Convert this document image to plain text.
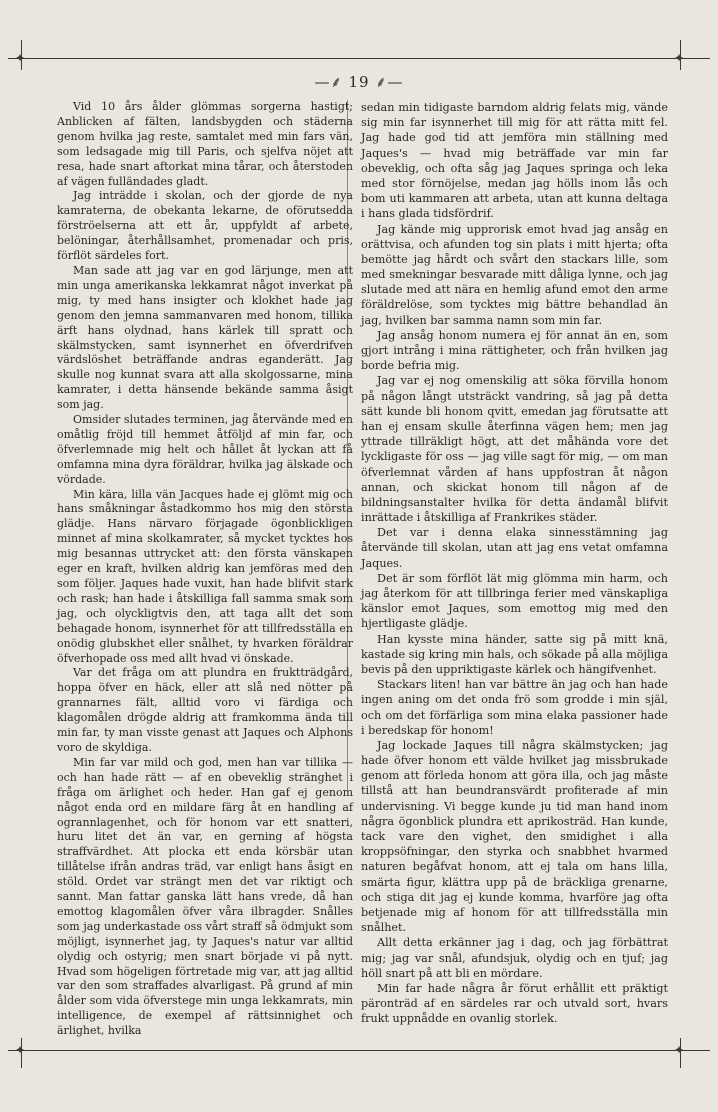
✦	✦
✦	✦
—⸙ 19 ⸙—

Vid 10 års ålder glömmas sorgerna hastigt; Anblicken af fälten, landsbygden och städerna genom hvilka jag reste, samtalet med min fars vän, som ledsagade mig till Paris, och sjelfva nöjet att resa, hade snart aftorkat mina tårar, och återstoden af vägen fulländades gladt.

Jag inträdde i skolan, och der gjorde de nya kamraterna, de obekanta lekarne, de oförutsedda förströelserna att ett år, uppfyldt af arbete, belöningar, återhållsamhet, promenadar och pris, förflöt särdeles fort.

Man sade att jag var en god lärjunge, men att min unga amerikanska lekkamrat något inverkat på mig, ty med hans insigter och klokhet hade jag genom den jemna sammanvaren med honom, tillika ärft hans olydnad, hans kärlek till spratt och skälmstycken, samt isynnerhet en öfverdrifven värdslöshet beträffande andras eganderätt. Jag skulle nog kunnat svara att alla skolgossarne, mina kamrater, i detta hänsende bekände samma åsigt som jag.

Omsider slutades terminen, jag återvände med en omåtlig fröjd till hemmet åtföljd af min far, och öfverlemnade mig helt och hållet åt lyckan att få omfamna mina dyra föräldrar, hvilka jag älskade och vördade.

Min kära, lilla vän Jacques hade ej glömt mig och hans småkningar åstadkommo hos mig den största glädje. Hans närvaro förjagade ögonblickligen minnet af mina skolkamrater, så mycket tycktes hos mig besannas uttrycket att: den första vänskapen eger en kraft, hvilken aldrig kan jemföras med den som följer. Jaques hade vuxit, han hade blifvit stark och rask; han hade i åtskilliga fall samma smak som jag, och olyckligtvis den, att taga allt det som behagade honom, isynnerhet för att tillfredsställa en onödig glubskhet eller snålhet, ty hvarken föräldrar öfverhopade oss med allt hvad vi önskade.

Var det fråga om att plundra en fruktträdgård, hoppa öfver en häck, eller att slå ned nötter på grannarnes fält, alltid voro vi färdiga och klagomålen drögde aldrig att framkomma ända till min far, ty man visste genast att Jaques och Alphons voro de skyldiga.

Min far var mild och god, men han var tillika — och han hade rätt — af en obeveklig stränghet i fråga om ärlighet och heder. Han gaf ej genom något enda ord en mildare färg åt en handling af ogrannlagenhet, och för honom var ett snatteri, huru litet det än var, en gerning af högsta straffvärdhet. Att plocka ett enda körsbär utan tillåtelse ifrån andras träd, var enligt hans åsigt en stöld. Ordet var strängt men det var riktigt och sannt. Man fattar ganska lätt hans vrede, då han emottog klagomålen öfver våra ilbragder. Snålles som jag underkastade oss vårt straff så ödmjukt som möjligt, isynnerhet jag, ty Jaques's natur var alltid olydig och ostyrig; men snart började vi på nytt. Hvad som högeligen förtretade mig var, att jag alltid var den som straffades alvarligast. På grund af min ålder som vida öfverstege min unga lekkamrats, min intelligence, de exempel af rättsinnighet och ärlighet, hvilka

sedan min tidigaste barndom aldrig felats mig, vände sig min far isynnerhet till mig för att rätta mitt fel. Jag hade god tid att jemföra min ställning med Jaques's — hvad mig beträffade var min far obeveklig, och ofta såg jag Jaques springa och leka med stor förnöjelse, medan jag hölls inom lås och bom uti kammaren att arbeta, utan att kunna deltaga i hans glada tidsfördrif.

Jag kände mig upprorisk emot hvad jag ansåg en orättvisa, och afunden tog sin plats i mitt hjerta; ofta bemötte jag hårdt och svårt den stackars lille, som med smekningar besvarade mitt dåliga lynne, och jag slutade med att nära en hemlig afund emot den arme föräldrelöse, som tycktes mig bättre behandlad än jag, hvilken bar samma namn som min far.

Jag ansåg honom numera ej för annat än en, som gjort intrång i mina rättigheter, och från hvilken jag borde befria mig.

Jag var ej nog omenskilig att söka förvilla honom på någon långt utsträckt vandring, så jag på detta sätt kunde bli honom qvitt, emedan jag förutsatte att han ej ensam skulle återfinna vägen hem; men jag yttrade tillräkligt högt, att det måhända vore det lyckligaste för oss — jag ville sagt för mig, — om man öfverlemnat vården af hans uppfostran åt någon annan, och skickat honom till någon af de bildningsanstalter hvilka för detta ändamål blifvit inrättade i åtskilliga af Frankrikes städer.

Det var i denna elaka sinnesstämning jag återvände till skolan, utan att jag ens vetat omfamna Jaques.

Det är som förflöt lät mig glömma min harm, och jag återkom för att tillbringa ferier med vänskapliga känslor emot Jaques, som emottog mig med den hjertligaste glädje.

Han kysste mina händer, satte sig på mitt knä, kastade sig kring min hals, och sökade på alla möjliga bevis på den uppriktigaste kärlek och hängifvenhet.

Stackars liten! han var bättre än jag och han hade ingen aning om det onda frö som grodde i min själ, och om det förfärliga som mina elaka passioner hade i beredskap för honom!

Jag lockade Jaques till några skälmstycken; jag hade öfver honom ett välde hvilket jag missbrukade genom att förleda honom att göra illa, och jag måste tillstå att han beundransvärdt profiterade af min undervisning. Vi begge kunde ju tid man hand inom några ögonblick plundra ett aprikosträd. Han kunde, tack vare den vighet, den smidighet i alla kroppsöfningar, den styrka och snabbhet hvarmed naturen begåfvat honom, att ej tala om hans lilla, smärta figur, klättra upp på de bräckliga grenarne, och stiga dit jag ej kunde komma, hvarföre jag ofta betjenade mig af honom för att tillfredsställa min snålhet.

Allt detta erkänner jag i dag, och jag förbättrat mig; jag var snål, afundsjuk, olydig och en tjuf; jag höll snart på att bli en mördare.

Min far hade några år förut erhållit ett präktigt päronträd af en särdeles rar och utvald sort, hvars frukt uppnådde en ovanlig storlek.
